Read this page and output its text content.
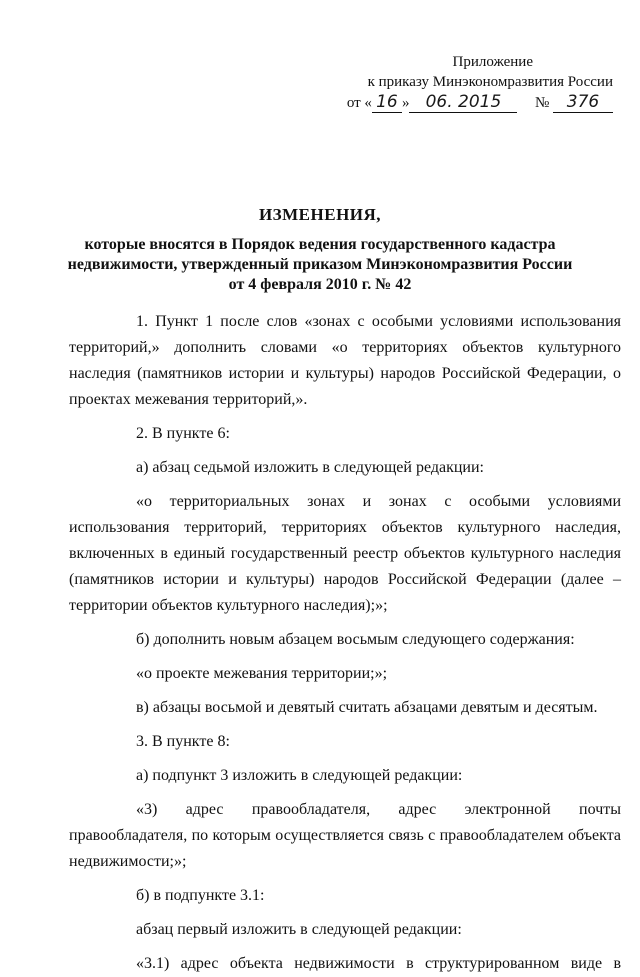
Приложение
к приказу Минэкономразвития России
от « 16 » 06. 2015 № 376
ИЗМЕНЕНИЯ,
которые вносятся в Порядок ведения государственного кадастра
недвижимости, утвержденный приказом Минэкономразвития России
от 4 февраля 2010 г. № 42

1. Пункт 1 после слов «зонах с особыми условиями использования территорий,» дополнить словами «о территориях объектов культурного наследия (памятников истории и культуры) народов Российской Федерации, о проектах межевания территорий,».

2. В пункте 6:

а) абзац седьмой изложить в следующей редакции:

«о территориальных зонах и зонах с особыми условиями использования территорий, территориях объектов культурного наследия, включенных в единый государственный реестр объектов культурного наследия (памятников истории и культуры) народов Российской Федерации (далее – территории объектов культурного наследия);»;

б) дополнить новым абзацем восьмым следующего содержания:

«о проекте межевания территории;»;

в) абзацы восьмой и девятый считать абзацами девятым и десятым.

3. В пункте 8:

а) подпункт 3 изложить в следующей редакции:

«3) адрес правообладателя, адрес электронной почты правообладателя, по которым осуществляется связь с правообладателем объекта недвижимости;»;

б) в подпункте 3.1:

абзац первый изложить в следующей редакции:

«3.1) адрес объекта недвижимости в структурированном виде в
